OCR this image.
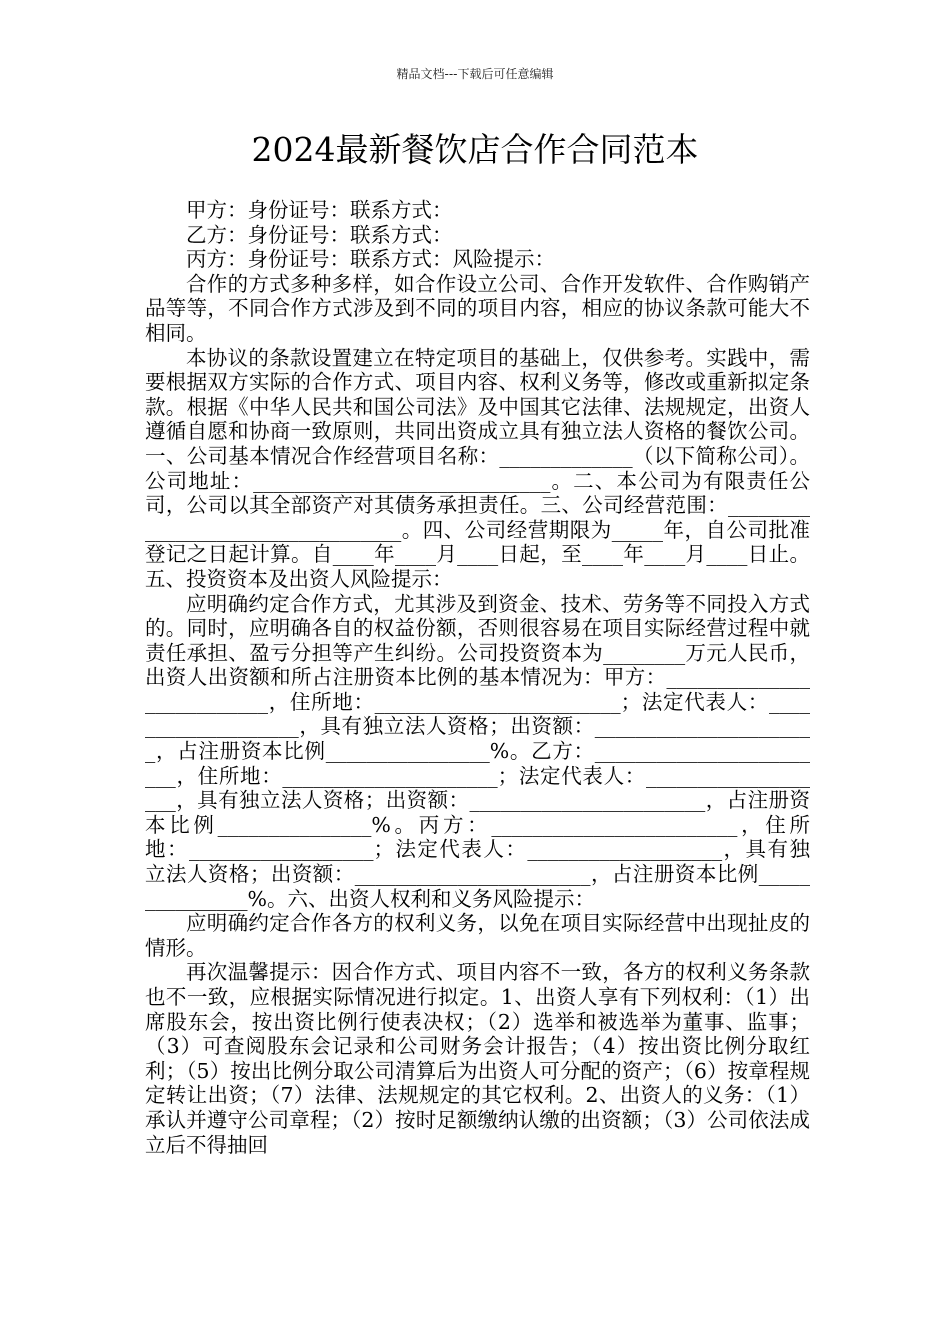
精品文档---下载后可任意编辑
2024最新餐饮店合作合同范本

甲方：身份证号：联系方式：

乙方：身份证号：联系方式：

丙方：身份证号：联系方式：风险提示：

合作的方式多种多样，如合作设立公司、合作开发软件、合作购销产品等等，不同合作方式涉及到不同的项目内容，相应的协议条款可能大不相同。

本协议的条款设置建立在特定项目的基础上，仅供参考。实践中，需要根据双方实际的合作方式、项目内容、权利义务等，修改或重新拟定条款。根据《中华人民共和国公司法》及中国其它法律、法规规定，出资人遵循自愿和协商一致原则，共同出资成立具有独立法人资格的餐饮公司。一、公司基本情况合作经营项目名称：_____________（以下简称公司）。公司地址：_____________________________。二、本公司为有限责任公司，公司以其全部资产对其债务承担责任。三、公司经营范围：_________________________________。四、公司经营期限为_____年，自公司批准登记之日起计算。自____年____月____日起，至____年____月____日止。五、投资资本及出资人风险提示：

应明确约定合作方式，尤其涉及到资金、技术、劳务等不同投入方式的。同时，应明确各自的权益份额，否则很容易在项目实际经营过程中就责任承担、盈亏分担等产生纠纷。公司投资资本为________万元人民币，出资人出资额和所占注册资本比例的基本情况为：甲方：__________________________，住所地：________________________；法定代表人：___________________，具有独立法人资格；出资额：______________________，占注册资本比例________________%。乙方：________________________，住所地：_____________________；法定代表人：___________________，具有独立法人资格；出资额：_______________________，占注册资本比例_______________%。丙方：________________________，住所地：__________________；法定代表人：___________________，具有独立法人资格；出资额：_______________________，占注册资本比例_______________%。六、出资人权利和义务风险提示：

应明确约定合作各方的权利义务，以免在项目实际经营中出现扯皮的情形。

再次温馨提示：因合作方式、项目内容不一致，各方的权利义务条款也不一致，应根据实际情况进行拟定。1、出资人享有下列权利：（1）出席股东会，按出资比例行使表决权；（2）选举和被选举为董事、监事；（3）可查阅股东会记录和公司财务会计报告；（4）按出资比例分取红利；（5）按出比例分取公司清算后为出资人可分配的资产；（6）按章程规定转让出资；（7）法律、法规规定的其它权利。2、出资人的义务：（1）承认并遵守公司章程；（2）按时足额缴纳认缴的出资额；（3）公司依法成立后不得抽回
